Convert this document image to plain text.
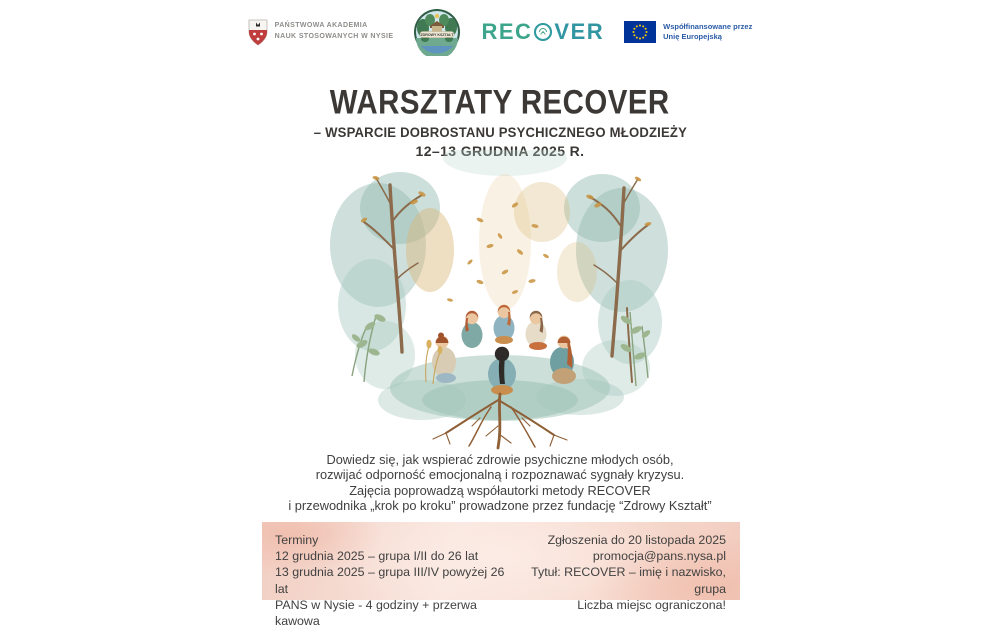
PAŃSTWOWA AKADEMIA
NAUK STOSOWANYCH W NYSIE	ZDROWY KSZTAŁT REC VER	Współfinansowane przez
Unię Europejską
WARSZTATY RECOVER
– WSPARCIE DOBROSTANU PSYCHICZNEGO MŁODZIEŻY
12–13 GRUDNIA 2025 R.
Dowiedz się, jak wspierać zdrowie psychiczne młodych osób,
rozwijać odporność emocjonalną i rozpoznawać sygnały kryzysu.
Zajęcia poprowadzą współautorki metody RECOVER
i przewodnika „krok po kroku” prowadzone przez fundację “Zdrowy Kształt”
Terminy
12 grudnia 2025 – grupa I/II do 26 lat
13 grudnia 2025 – grupa III/IV powyżej 26 lat
PANS w Nysie - 4 godziny + przerwa kawowa
Zgłoszenia do 20 listopada 2025
promocja@pans.nysa.pl
Tytuł: RECOVER – imię i nazwisko, grupa
Liczba miejsc ograniczona!
